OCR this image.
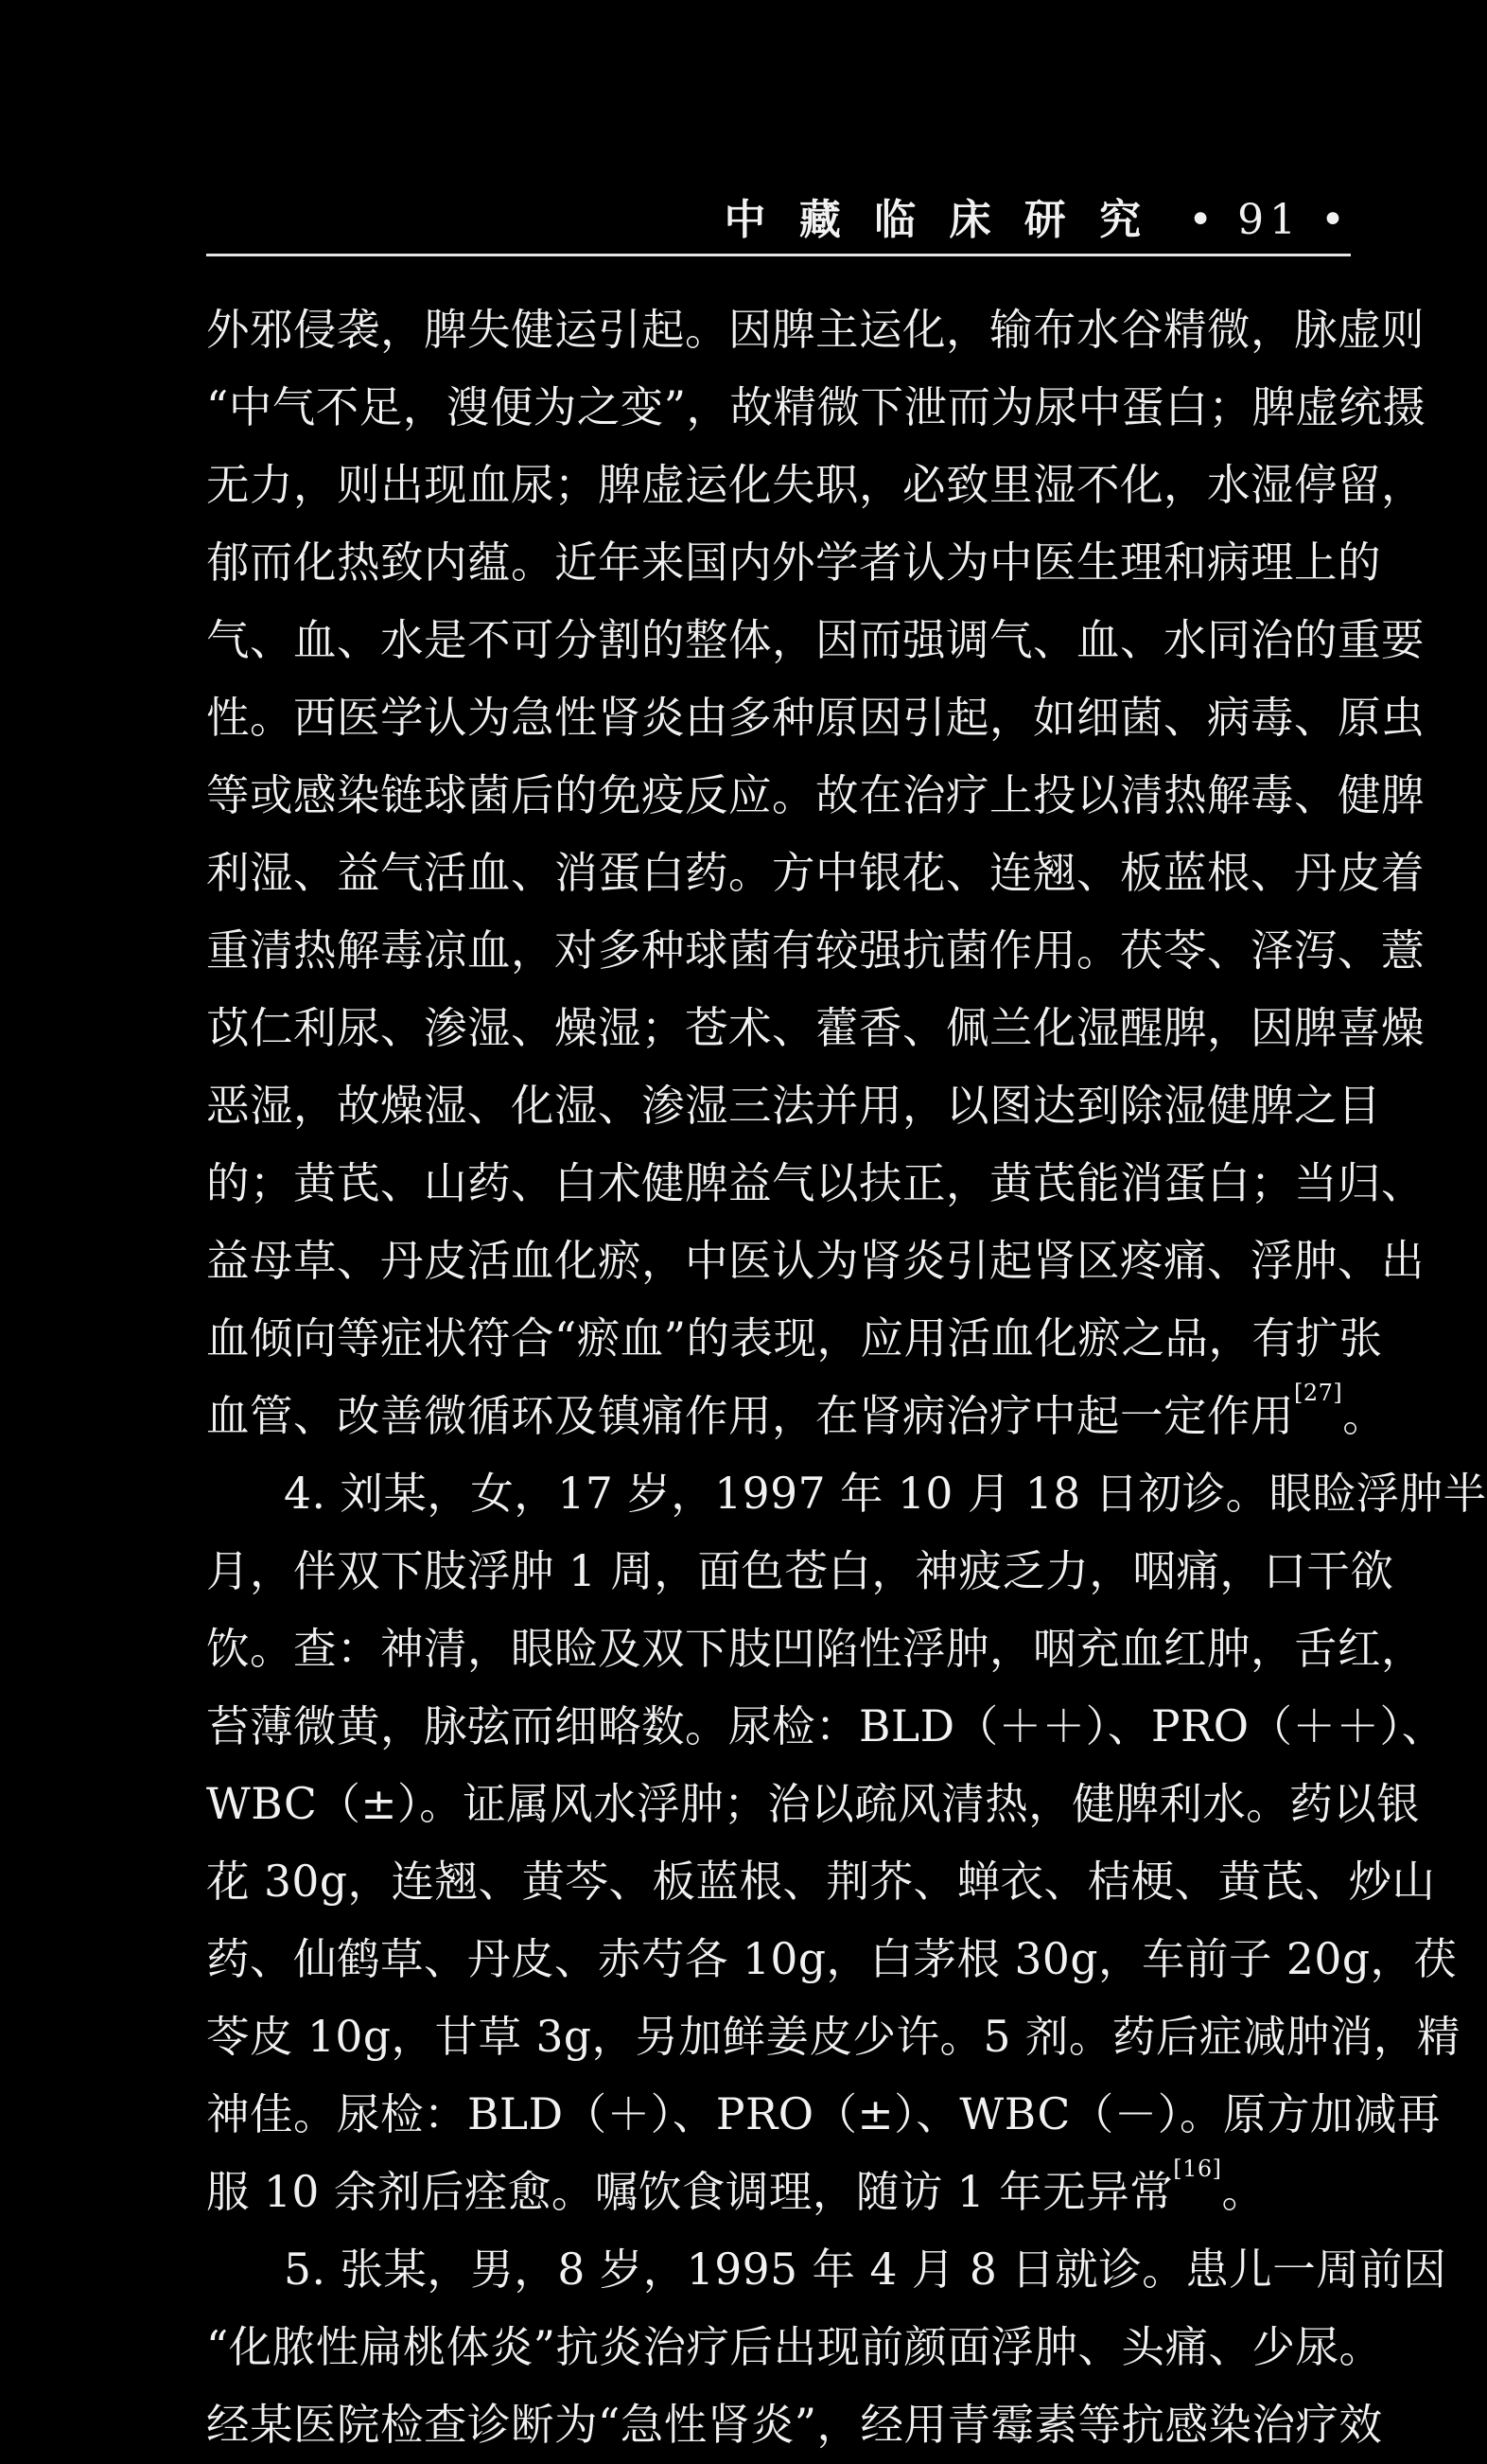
中 藏 临 床 研 究 • 91 •
外邪侵袭，脾失健运引起。因脾主运化，输布水谷精微，脉虚则
“中气不足，溲便为之变”，故精微下泄而为尿中蛋白；脾虚统摄
无力，则出现血尿；脾虚运化失职，必致里湿不化，水湿停留，
郁而化热致内蕴。近年来国内外学者认为中医生理和病理上的
气、血、水是不可分割的整体，因而强调气、血、水同治的重要
性。西医学认为急性肾炎由多种原因引起，如细菌、病毒、原虫
等或感染链球菌后的免疫反应。故在治疗上投以清热解毒、健脾
利湿、益气活血、消蛋白药。方中银花、连翘、板蓝根、丹皮着
重清热解毒凉血，对多种球菌有较强抗菌作用。茯苓、泽泻、薏
苡仁利尿、渗湿、燥湿；苍术、藿香、佩兰化湿醒脾，因脾喜燥
恶湿，故燥湿、化湿、渗湿三法并用，以图达到除湿健脾之目
的；黄芪、山药、白术健脾益气以扶正，黄芪能消蛋白；当归、
益母草、丹皮活血化瘀，中医认为肾炎引起肾区疼痛、浮肿、出
血倾向等症状符合“瘀血”的表现，应用活血化瘀之品，有扩张
血管、改善微循环及镇痛作用，在肾病治疗中起一定作用[27]。
4. 刘某，女，17 岁，1997 年 10 月 18 日初诊。眼睑浮肿半
月，伴双下肢浮肿 1 周，面色苍白，神疲乏力，咽痛，口干欲
饮。查：神清，眼睑及双下肢凹陷性浮肿，咽充血红肿，舌红，
苔薄微黄，脉弦而细略数。尿检：BLD（＋＋）、PRO（＋＋）、
WBC（±）。证属风水浮肿；治以疏风清热，健脾利水。药以银
花 30g，连翘、黄芩、板蓝根、荆芥、蝉衣、桔梗、黄芪、炒山
药、仙鹤草、丹皮、赤芍各 10g，白茅根 30g，车前子 20g，茯
苓皮 10g，甘草 3g，另加鲜姜皮少许。5 剂。药后症减肿消，精
神佳。尿检：BLD（＋）、PRO（±）、WBC（－）。原方加减再
服 10 余剂后痊愈。嘱饮食调理，随访 1 年无异常[16]。
5. 张某，男，8 岁，1995 年 4 月 8 日就诊。患儿一周前因
“化脓性扁桃体炎”抗炎治疗后出现前颜面浮肿、头痛、少尿。
经某医院检查诊断为“急性肾炎”，经用青霉素等抗感染治疗效
